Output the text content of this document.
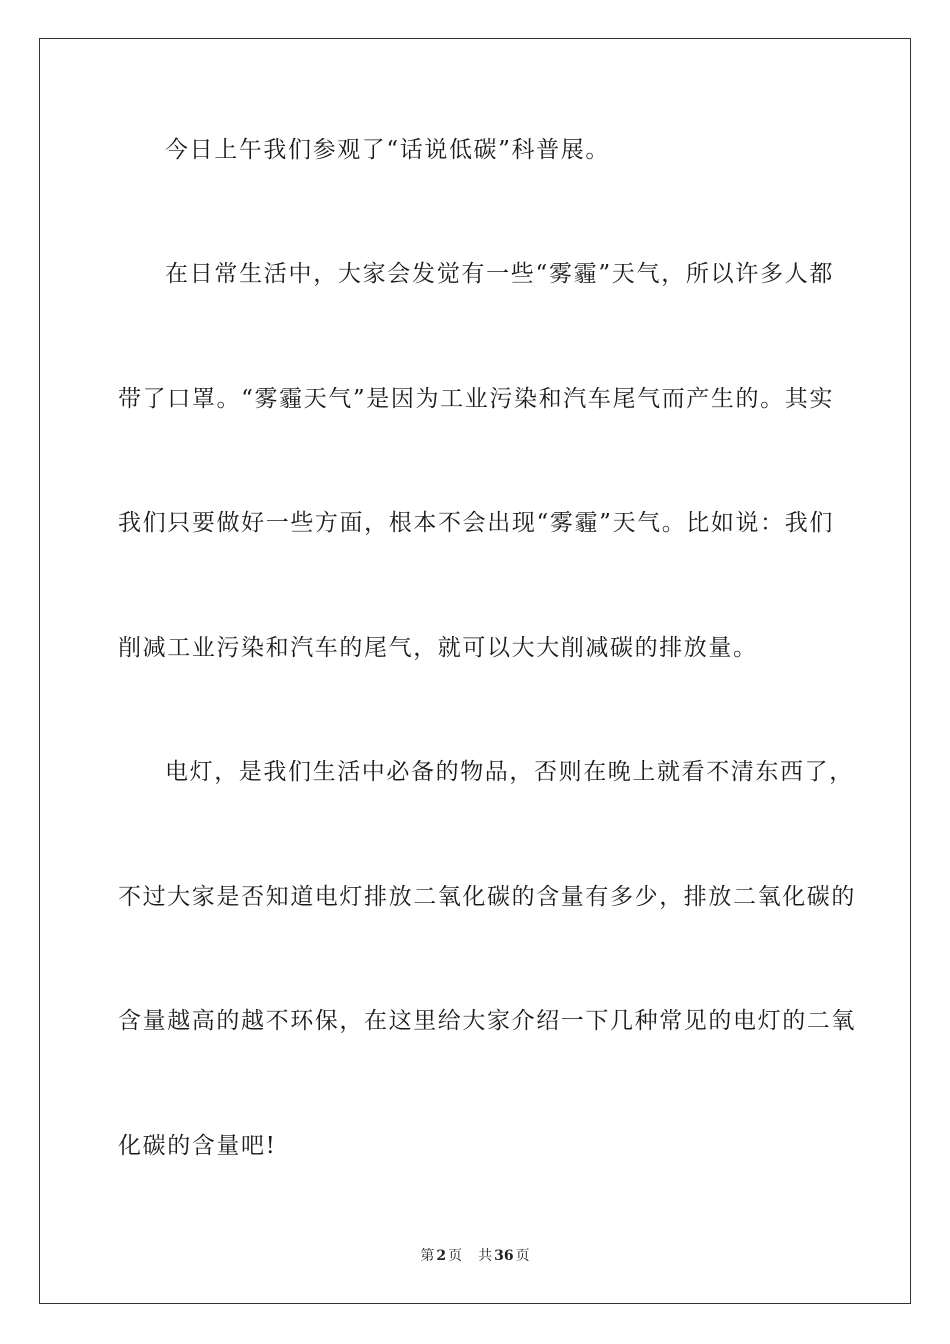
今日上午我们参观了“话说低碳”科普展。
在日常生活中，大家会发觉有一些“雾霾”天气，所以许多人都
带了口罩。“雾霾天气”是因为工业污染和汽车尾气而产生的。其实
我们只要做好一些方面，根本不会出现“雾霾”天气。比如说：我们
削减工业污染和汽车的尾气，就可以大大削减碳的排放量。
电灯，是我们生活中必备的物品，否则在晚上就看不清东西了，
不过大家是否知道电灯排放二氧化碳的含量有多少，排放二氧化碳的
含量越高的越不环保，在这里给大家介绍一下几种常见的电灯的二氧
化碳的含量吧!
第 2 页 共 36 页
